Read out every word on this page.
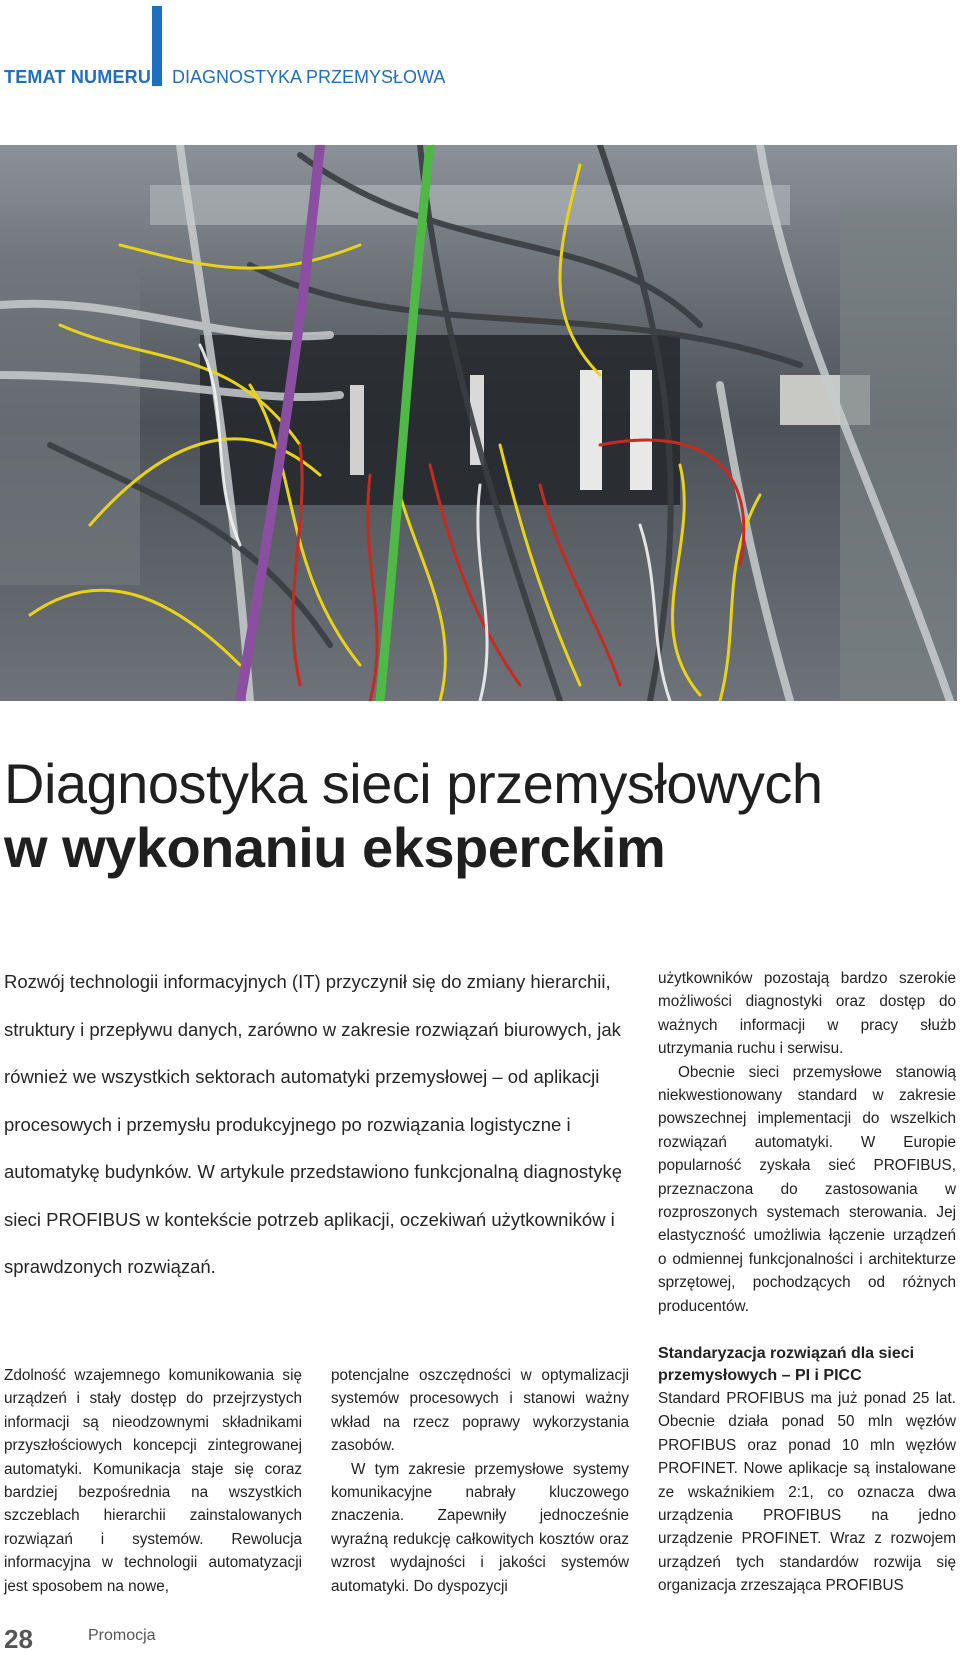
TEMAT NUMERU DIAGNOSTYKA PRZEMYSŁOWA
Diagnostyka sieci przemysłowych
w wykonaniu eksperckim

Rozwój technologii informacyjnych (IT) przyczynił się do zmiany hierarchii, struktury i przepływu danych, zarówno w zakresie rozwiązań biurowych, jak również we wszystkich sektorach automatyki przemysłowej – od aplikacji procesowych i przemysłu produkcyjnego po rozwiązania logistyczne i automatykę budynków. W artykule przedstawiono funkcjonalną diagnostykę sieci PROFIBUS w kontekście potrzeb aplikacji, oczekiwań użytkowników i sprawdzonych rozwiązań.

użytkowników pozostają bardzo szerokie możliwości diagnostyki oraz dostęp do ważnych informacji w pracy służb utrzymania ruchu i serwisu.

Obecnie sieci przemysłowe stanowią niekwestionowany standard w zakresie powszechnej implementacji do wszelkich rozwiązań automatyki. W Europie popularność zyskała sieć PROFIBUS, przeznaczona do zastosowania w rozproszonych systemach sterowania. Jej elastyczność umożliwia łączenie urządzeń o odmiennej funkcjonalności i architekturze sprzętowej, pochodzących od różnych producentów.

Zdolność wzajemnego komunikowania się urządzeń i stały dostęp do przejrzystych informacji są nieodzownymi składnikami przyszłościowych koncepcji zintegrowanej automatyki. Komunikacja staje się coraz bardziej bezpośrednia na wszystkich szczeblach hierarchii zainstalowanych rozwiązań i systemów. Rewolucja informacyjna w technologii automatyzacji jest sposobem na nowe,

potencjalne oszczędności w optymalizacji systemów procesowych i stanowi ważny wkład na rzecz poprawy wykorzystania zasobów.

W tym zakresie przemysłowe systemy komunikacyjne nabrały kluczowego znaczenia. Zapewniły jednocześnie wyraźną redukcję całkowitych kosztów oraz wzrost wydajności i jakości systemów automatyki. Do dyspozycji

Standaryzacja rozwiązań dla sieci przemysłowych – PI i PICC

Standard PROFIBUS ma już ponad 25 lat. Obecnie działa ponad 50 mln węzłów PROFIBUS oraz ponad 10 mln węzłów PROFINET. Nowe aplikacje są instalowane ze wskaźnikiem 2:1, co oznacza dwa urządzenia PROFIBUS na jedno urządzenie PROFINET. Wraz z rozwojem urządzeń tych standardów rozwija się organizacja zrzeszająca PROFIBUS

28	Promocja
